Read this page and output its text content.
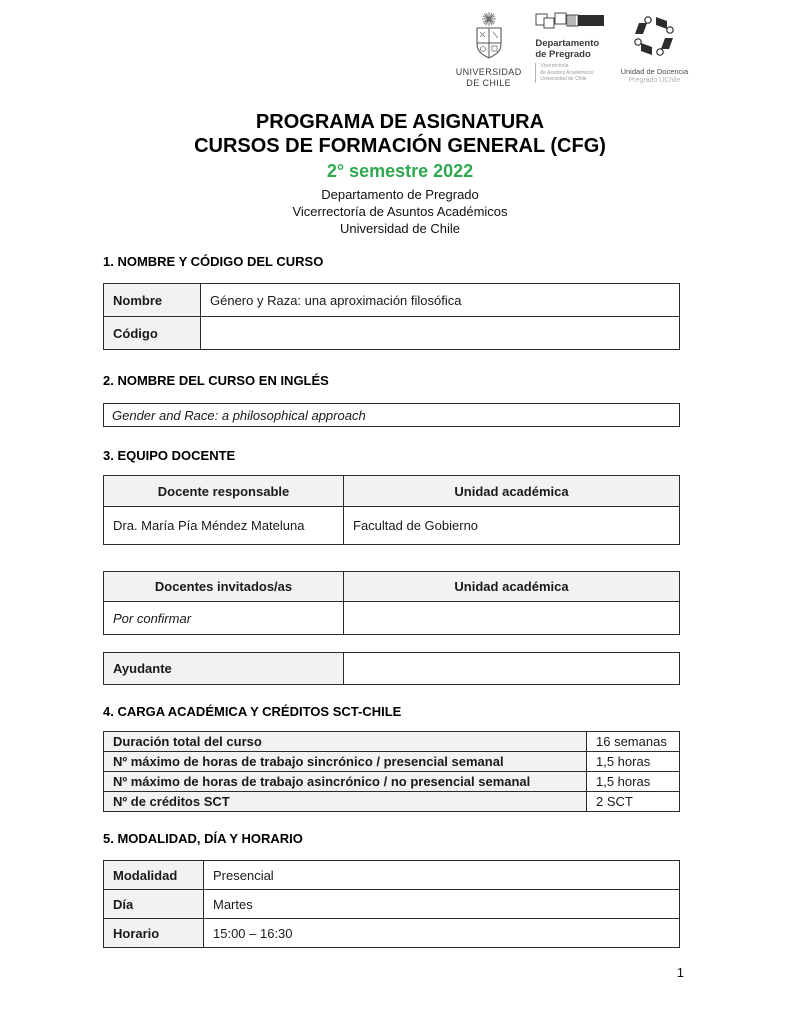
UNIVERSIDAD
DE CHILE
Departamento
de Pregrado
Vicerrectoría
de Asuntos Académicos
Universidad de Chile
Unidad de Docencia
Pregrado UChile
PROGRAMA DE ASIGNATURA
CURSOS DE FORMACIÓN GENERAL (CFG)
2° semestre 2022
Departamento de Pregrado
Vicerrectoría de Asuntos Académicos
Universidad de Chile
1. NOMBRE Y CÓDIGO DEL CURSO
Nombre	Género y Raza: una aproximación filosófica
Código	
2. NOMBRE DEL CURSO EN INGLÉS
Gender and Race: a philosophical approach
3. EQUIPO DOCENTE
Docente responsable	Unidad académica
Dra. María Pía Méndez Mateluna	Facultad de Gobierno
Docentes invitados/as	Unidad académica
Por confirmar	
Ayudante	
4. CARGA ACADÉMICA Y CRÉDITOS SCT-CHILE
Duración total del curso	16 semanas
Nº máximo de horas de trabajo sincrónico / presencial semanal	1,5 horas
Nº máximo de horas de trabajo asincrónico / no presencial semanal	1,5 horas
Nº de créditos SCT	2 SCT
5. MODALIDAD, DÍA Y HORARIO
Modalidad	Presencial
Día	Martes
Horario	15:00 – 16:30
1
